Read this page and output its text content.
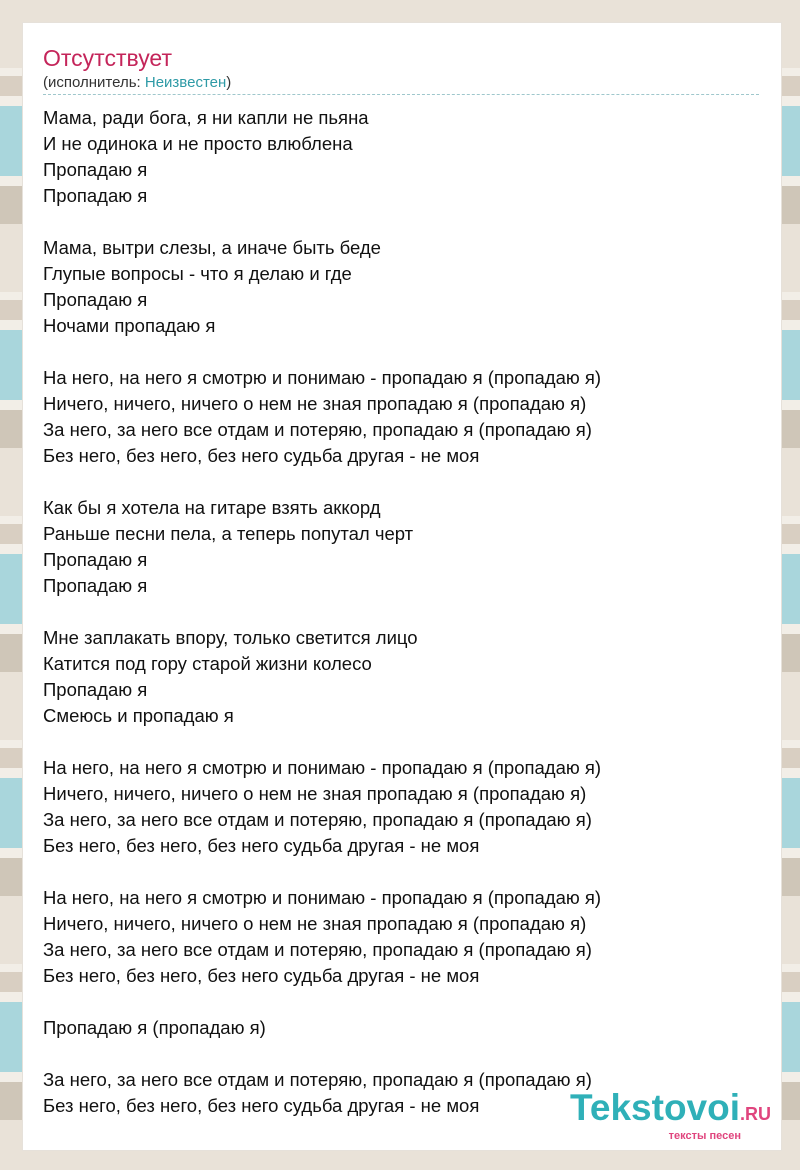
Отсутствует
(исполнитель: Неизвестен)
Мама, ради бога, я ни капли не пьяна
И не одинока и не просто влюблена
Пропадаю я
Пропадаю я
Мама, вытри слезы, а иначе быть беде
Глупые вопросы - что я делаю и где
Пропадаю я
Ночами пропадаю я
На него, на него я смотрю и понимаю - пропадаю я (пропадаю я)
Ничего, ничего, ничего о нем не зная пропадаю я (пропадаю я)
За него, за него все отдам и потеряю, пропадаю я (пропадаю я)
Без него, без него, без него судьба другая - не моя
Как бы я хотела на гитаре взять аккорд
Раньше песни пела, а теперь попутал черт
Пропадаю я
Пропадаю я
Мне заплакать впору, только светится лицо
Катится под гору старой жизни колесо
Пропадаю я
Смеюсь и пропадаю я
На него, на него я смотрю и понимаю - пропадаю я (пропадаю я)
Ничего, ничего, ничего о нем не зная пропадаю я (пропадаю я)
За него, за него все отдам и потеряю, пропадаю я (пропадаю я)
Без него, без него, без него судьба другая - не моя
На него, на него я смотрю и понимаю - пропадаю я (пропадаю я)
Ничего, ничего, ничего о нем не зная пропадаю я (пропадаю я)
За него, за него все отдам и потеряю, пропадаю я (пропадаю я)
Без него, без него, без него судьба другая - не моя
Пропадаю я (пропадаю я)
За него, за него все отдам и потеряю, пропадаю я (пропадаю я)
Без него, без него, без него судьба другая - не моя	Tekstovoi.RU
тексты песен
